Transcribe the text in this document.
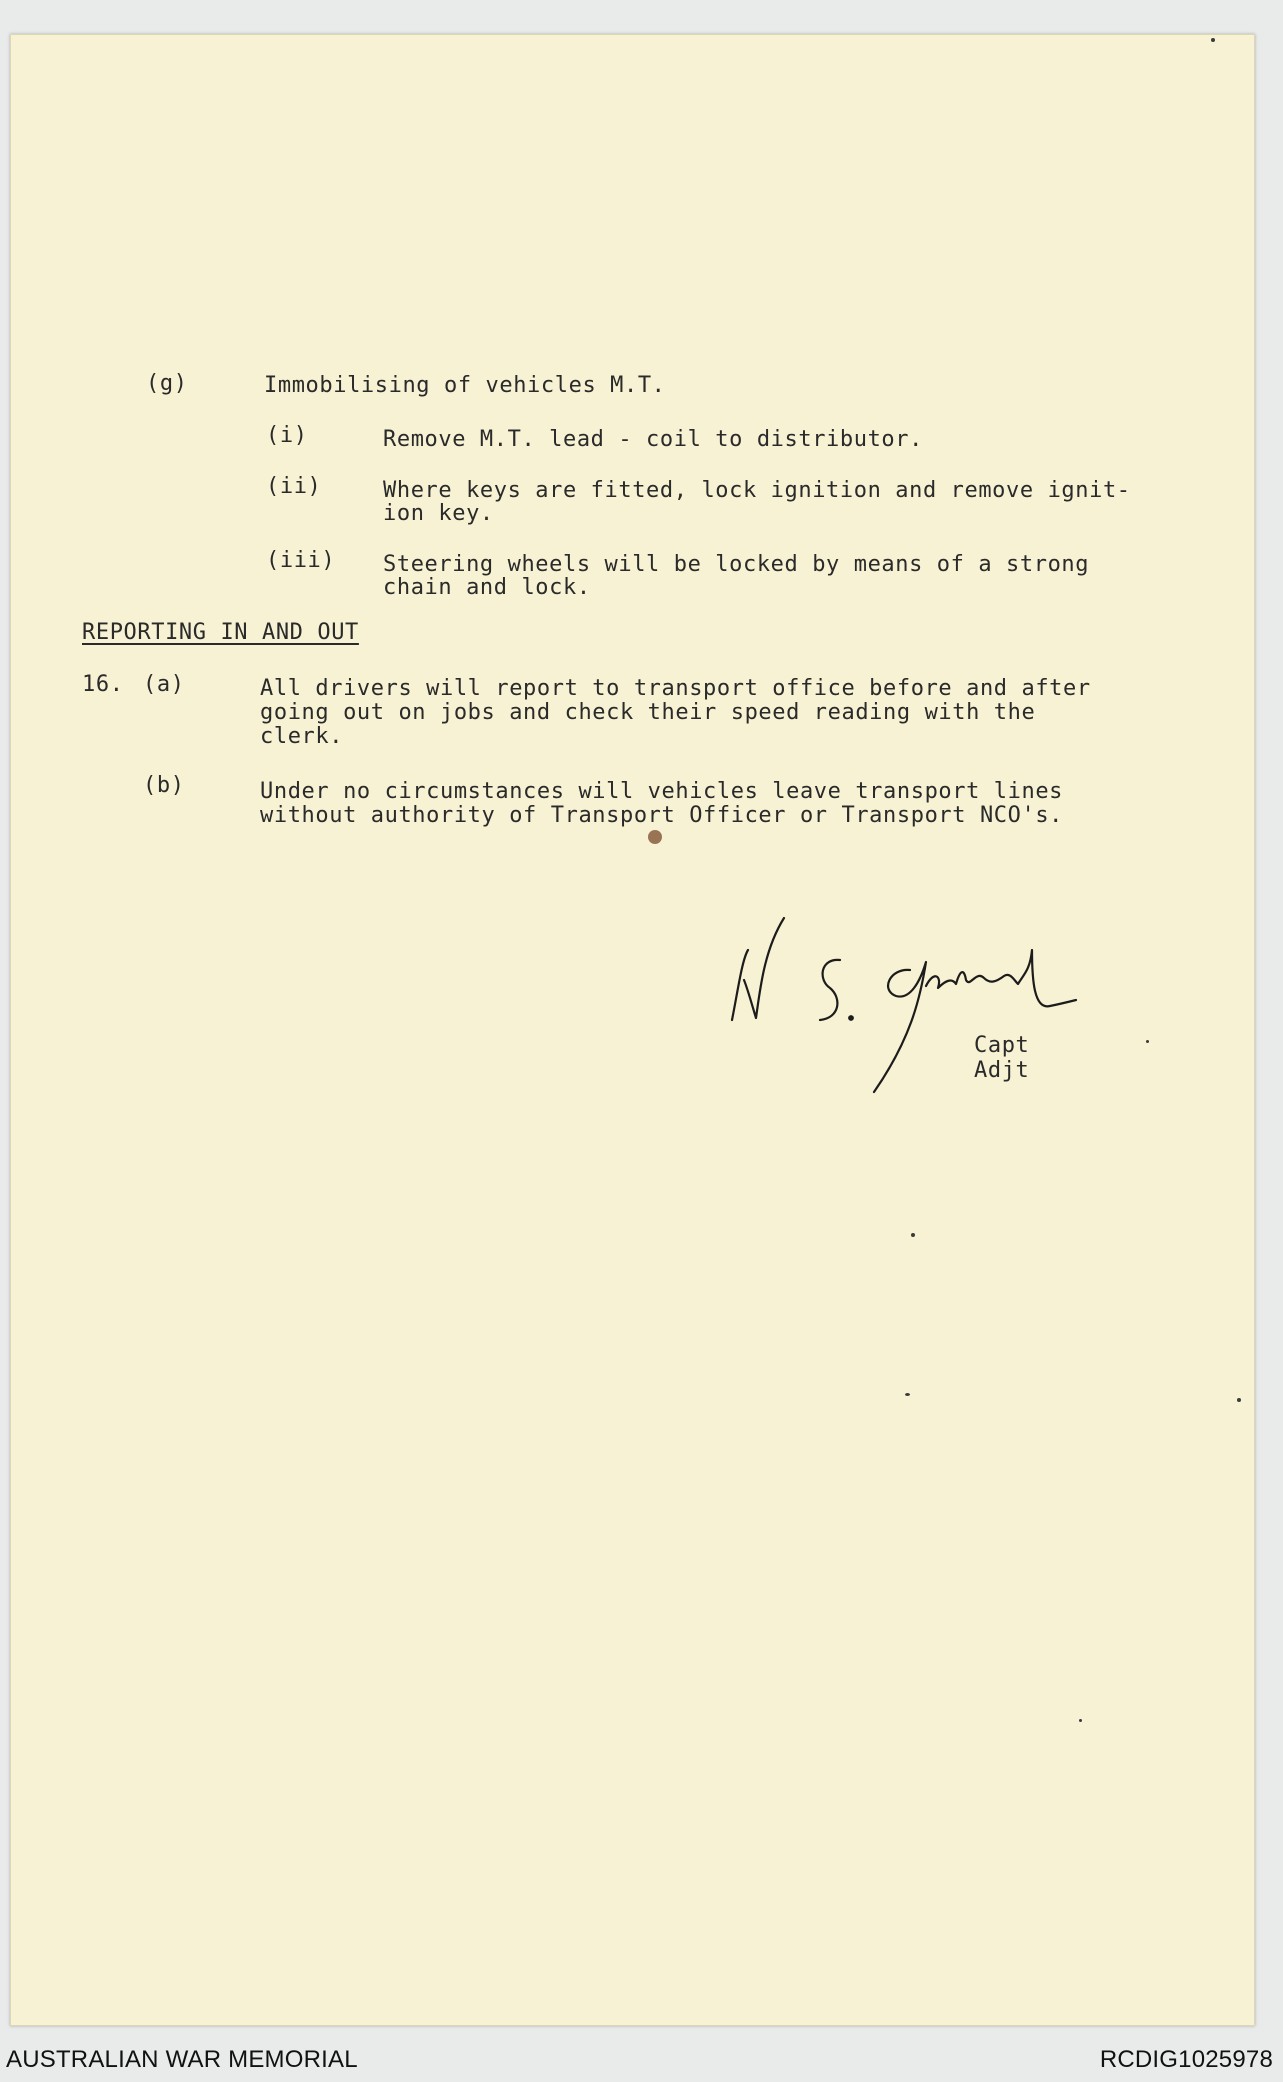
(g)	Immobilising of vehicles M.T.
(i)	Remove M.T. lead - coil to distributor.
(ii)	Where keys are fitted, lock ignition and remove ignit-
ion key.
(iii) Steering wheels will be locked by means of a strong
chain and lock.
REPORTING IN AND OUT
16. (a)	All drivers will report to transport office before and after
going out on jobs and check their speed reading with the
clerk.
(b)	Under no circumstances will vehicles leave transport lines
without authority of Transport Officer or Transport NCO's.
Capt
Adjt
AUSTRALIAN WAR MEMORIAL	RCDIG1025978
